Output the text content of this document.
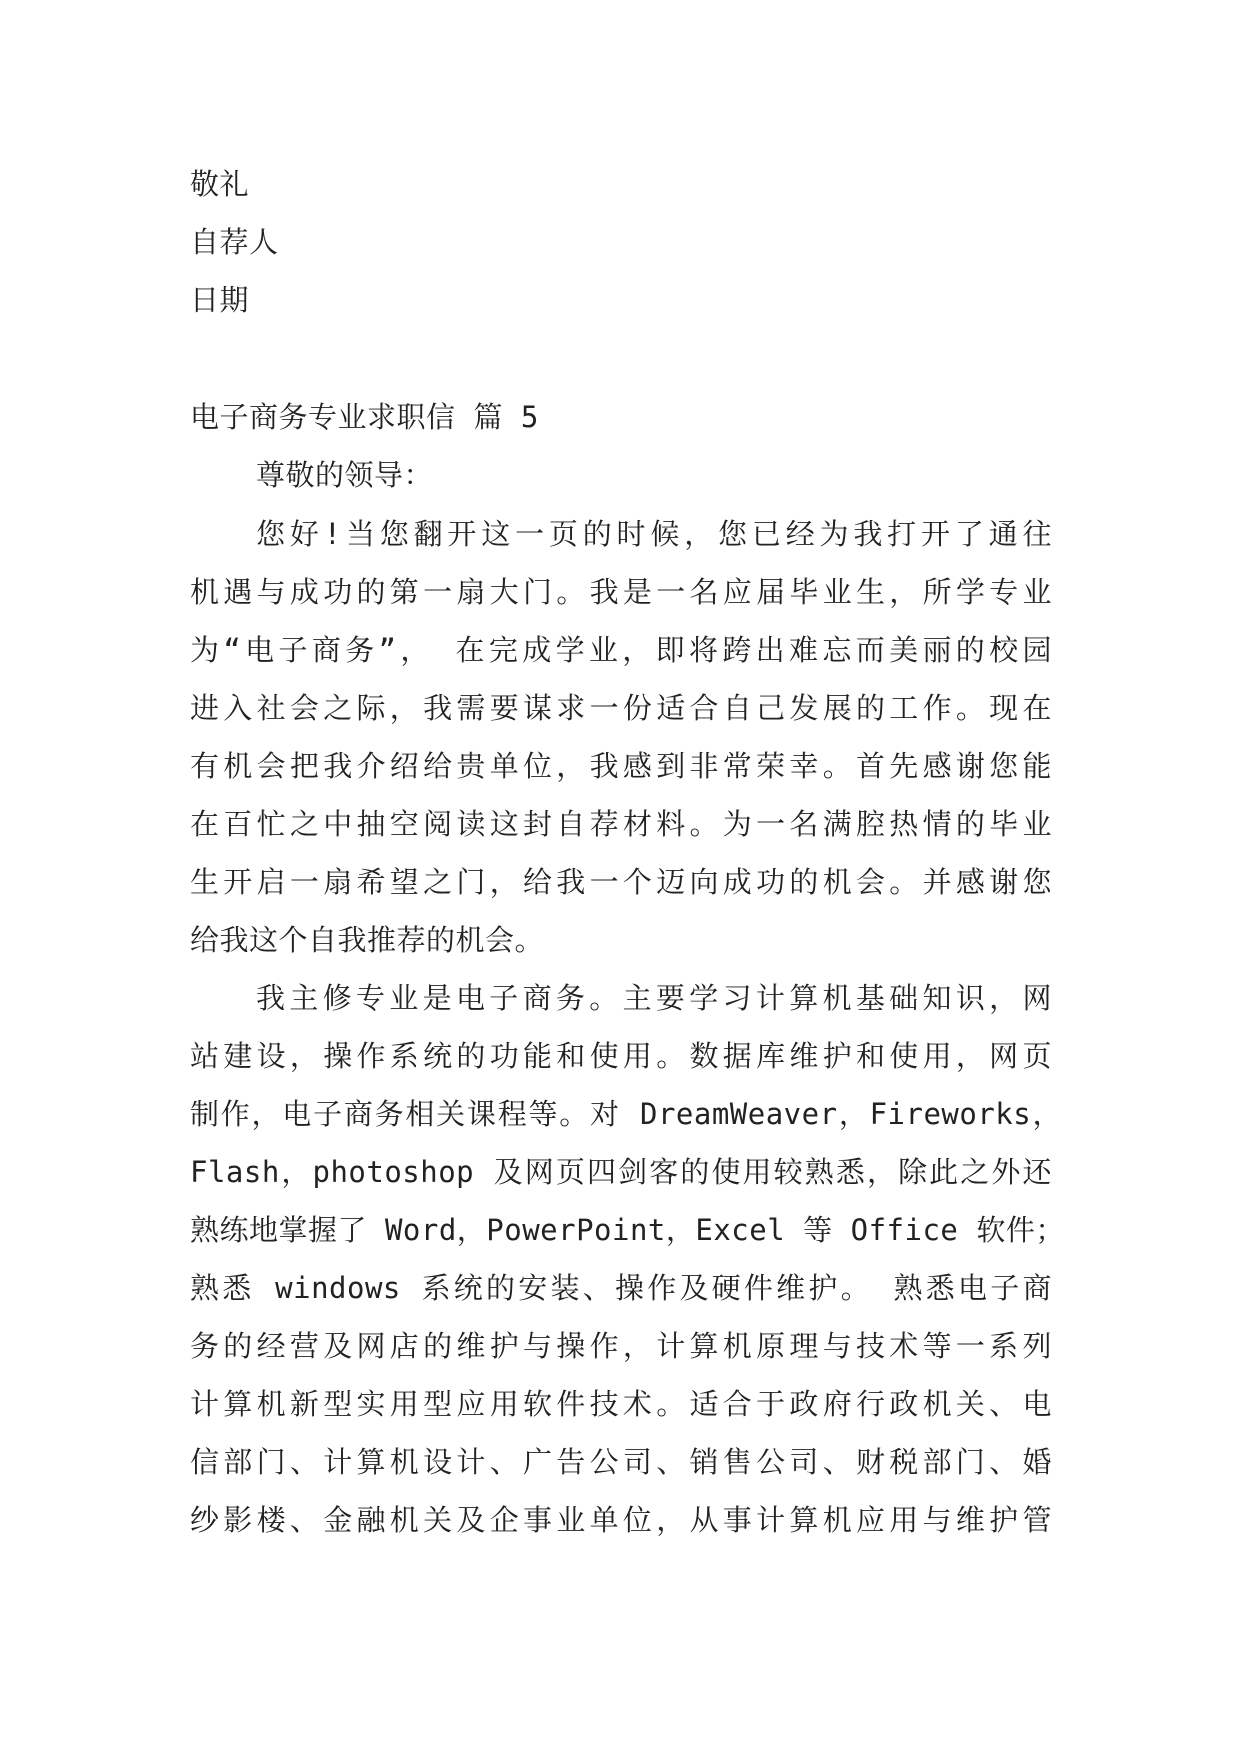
敬礼
自荐人
日期
电子商务专业求职信 篇 5
尊敬的领导：
您好!当您翻开这一页的时候，您已经为我打开了通往
机遇与成功的第一扇大门。我是一名应届毕业生，所学专业
为“电子商务”， 在完成学业，即将跨出难忘而美丽的校园
进入社会之际，我需要谋求一份适合自己发展的工作。现在
有机会把我介绍给贵单位，我感到非常荣幸。首先感谢您能
在百忙之中抽空阅读这封自荐材料。为一名满腔热情的毕业
生开启一扇希望之门，给我一个迈向成功的机会。并感谢您
给我这个自我推荐的机会。
我主修专业是电子商务。主要学习计算机基础知识，网
站建设，操作系统的功能和使用。数据库维护和使用，网页
制作，电子商务相关课程等。对 DreamWeaver，Fireworks，
Flash，photoshop 及网页四剑客的使用较熟悉，除此之外还
熟练地掌握了 Word，PowerPoint，Excel 等 Office 软件；
熟悉 windows 系统的安装、操作及硬件维护。 熟悉电子商
务的经营及网店的维护与操作，计算机原理与技术等一系列
计算机新型实用型应用软件技术。适合于政府行政机关、电
信部门、计算机设计、广告公司、销售公司、财税部门、婚
纱影楼、金融机关及企事业单位，从事计算机应用与维护管
